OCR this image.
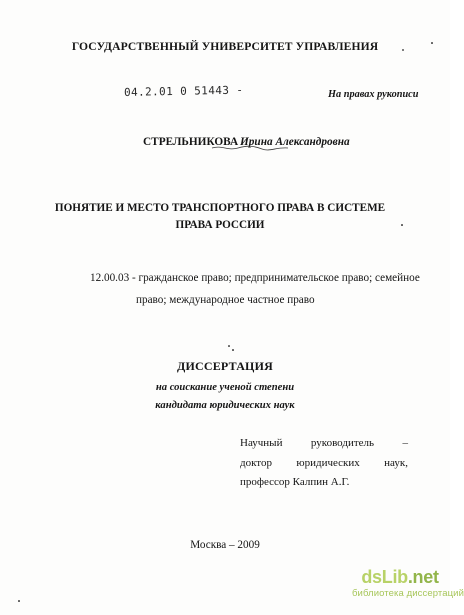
ГОСУДАРСТВЕННЫЙ УНИВЕРСИТЕТ УПРАВЛЕНИЯ
04.2.01 0 51443 -	На правах рукописи
СТРЕЛЬНИКОВА Ирина Александровна
ПОНЯТИЕ И МЕСТО ТРАНСПОРТНОГО ПРАВА В СИСТЕМЕ
ПРАВА РОССИИ
12.00.03 - гражданское право; предпринимательское право; семейное
право; международное частное право
ДИССЕРТАЦИЯ
на соискание ученой степени
кандидата юридических наук
Научный	руководитель	–
доктор юридических наук,
профессор Калпин А.Г.
Москва – 2009
dsLib.net
библиотека диссертаций
